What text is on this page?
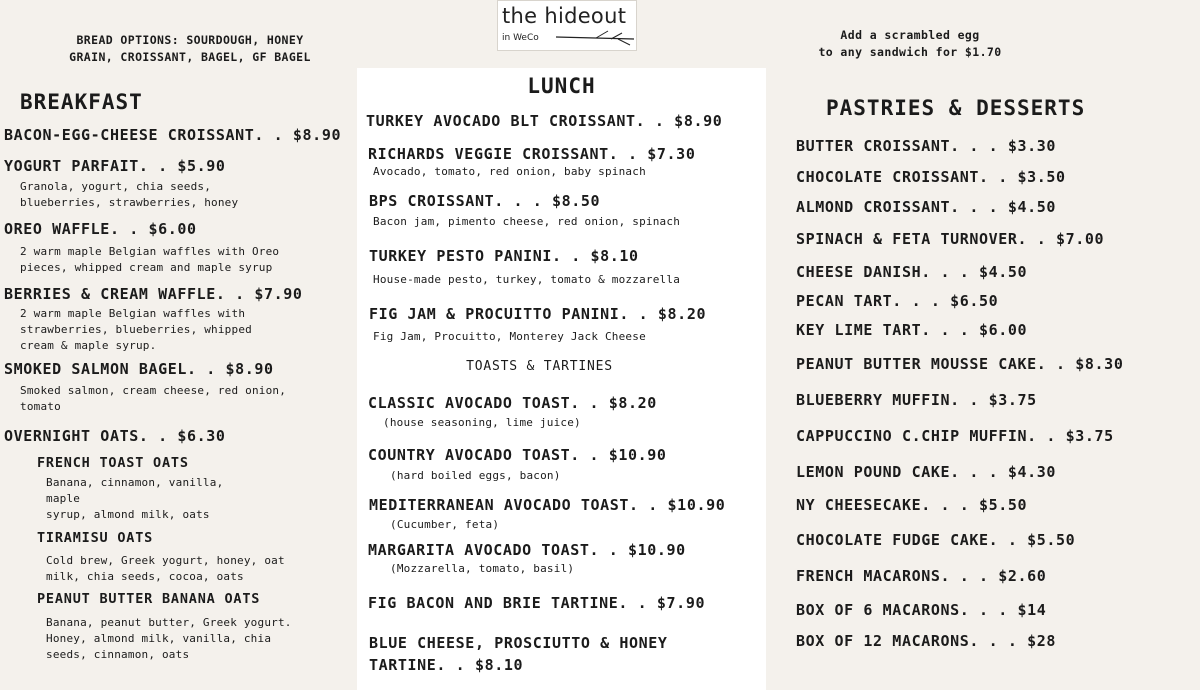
the hideout
in WeCo
BREAD OPTIONS: SOURDOUGH, HONEY
GRAIN, CROISSANT, BAGEL, GF BAGEL
Add a scrambled egg
to any sandwich for $1.70
BREAKFAST
BACON-EGG-CHEESE CROISSANT. . $8.90
YOGURT PARFAIT. . $5.90
Granola, yogurt, chia seeds,
blueberries, strawberries, honey
OREO WAFFLE. . $6.00
2 warm maple Belgian waffles with Oreo
pieces, whipped cream and maple syrup
BERRIES & CREAM WAFFLE. . $7.90
2 warm maple Belgian waffles with
strawberries, blueberries, whipped
cream & maple syrup.
SMOKED SALMON BAGEL. . $8.90
Smoked salmon, cream cheese, red onion,
tomato
OVERNIGHT OATS. . $6.30
FRENCH TOAST OATS
Banana, cinnamon, vanilla,
maple
syrup, almond milk, oats
TIRAMISU OATS
Cold brew, Greek yogurt, honey, oat
milk, chia seeds, cocoa, oats
PEANUT BUTTER BANANA OATS
Banana, peanut butter, Greek yogurt.
Honey, almond milk, vanilla, chia
seeds, cinnamon, oats
LUNCH
TURKEY AVOCADO BLT CROISSANT. . $8.90
RICHARDS VEGGIE CROISSANT. . $7.30
Avocado, tomato, red onion, baby spinach
BPS CROISSANT. . . $8.50
Bacon jam, pimento cheese, red onion, spinach
TURKEY PESTO PANINI. . $8.10
House-made pesto, turkey, tomato & mozzarella
FIG JAM & PROCUITTO PANINI. . $8.20
Fig Jam, Procuitto, Monterey Jack Cheese
TOASTS & TARTINES
CLASSIC AVOCADO TOAST. . $8.20
(house seasoning, lime juice)
COUNTRY AVOCADO TOAST. . $10.90
(hard boiled eggs, bacon)
MEDITERRANEAN AVOCADO TOAST. . $10.90
(Cucumber, feta)
MARGARITA AVOCADO TOAST. . $10.90
(Mozzarella, tomato, basil)
FIG BACON AND BRIE TARTINE. . $7.90
BLUE CHEESE, PROSCIUTTO & HONEY
TARTINE. . $8.10
PASTRIES & DESSERTS
BUTTER CROISSANT. . . $3.30
CHOCOLATE CROISSANT. . $3.50
ALMOND CROISSANT. . . $4.50
SPINACH & FETA TURNOVER. . $7.00
CHEESE DANISH. . . $4.50
PECAN TART. . . $6.50
KEY LIME TART. . . $6.00
PEANUT BUTTER MOUSSE CAKE. . $8.30
BLUEBERRY MUFFIN. . $3.75
CAPPUCCINO C.CHIP MUFFIN. . $3.75
LEMON POUND CAKE. . . $4.30
NY CHEESECAKE. . . $5.50
CHOCOLATE FUDGE CAKE. . $5.50
FRENCH MACARONS. . . $2.60
BOX OF 6 MACARONS. . . $14
BOX OF 12 MACARONS. . . $28
